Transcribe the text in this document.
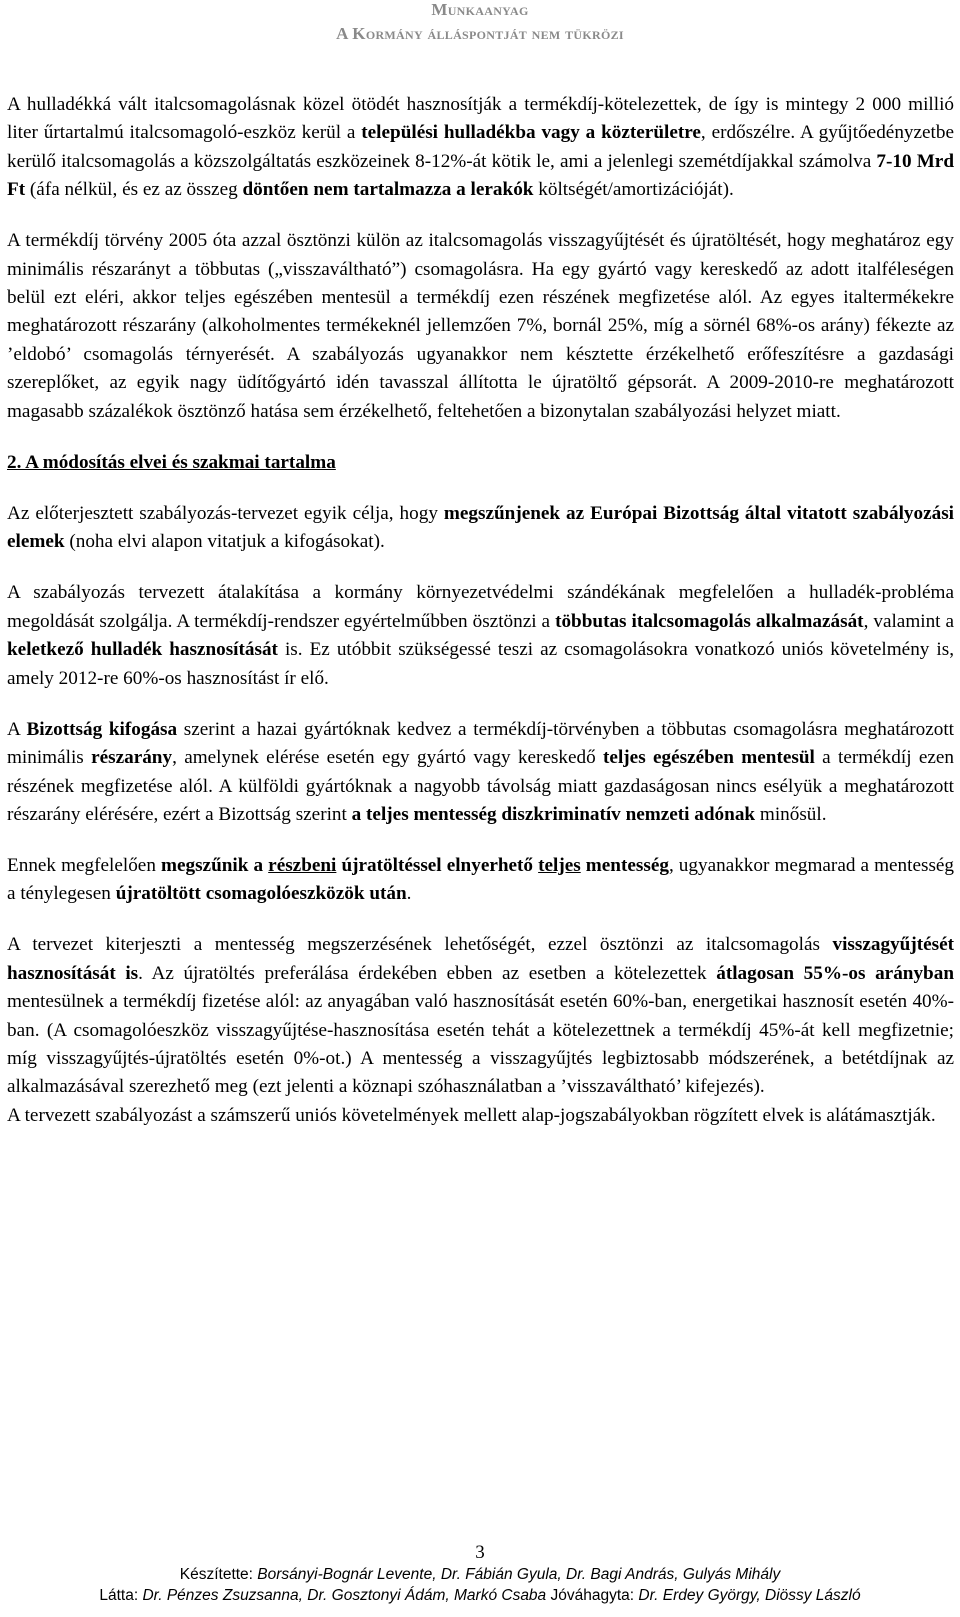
Munkaanyag
A Kormány álláspontját nem tükrözi

A hulladékká vált italcsomagolásnak közel ötödét hasznosítják a termékdíj-kötelezettek, de így is mintegy 2 000 millió liter űrtartalmú italcsomagoló-eszköz kerül a települési hulladékba vagy a közterületre, erdőszélre. A gyűjtőedényzetbe kerülő italcsomagolás a közszolgáltatás eszközeinek 8-12%-át kötik le, ami a jelenlegi szemétdíjakkal számolva 7-10 Mrd Ft (áfa nélkül, és ez az összeg döntően nem tartalmazza a lerakók költségét/amortizációját).

A termékdíj törvény 2005 óta azzal ösztönzi külön az italcsomagolás visszagyűjtését és újratöltését, hogy meghatároz egy minimális részarányt a többutas („visszaváltható”) csomagolásra. Ha egy gyártó vagy kereskedő az adott italféleségen belül ezt eléri, akkor teljes egészében mentesül a termékdíj ezen részének megfizetése alól. Az egyes italtermékekre meghatározott részarány (alkoholmentes termékeknél jellemzően 7%, bornál 25%, míg a sörnél 68%-os arány) fékezte az ’eldobó’ csomagolás térnyerését. A szabályozás ugyanakkor nem késztette érzékelhető erőfeszítésre a gazdasági szereplőket, az egyik nagy üdítőgyártó idén tavasszal állította le újratöltő gépsorát. A 2009-2010-re meghatározott magasabb százalékok ösztönző hatása sem érzékelhető, feltehetően a bizonytalan szabályozási helyzet miatt.

2. A módosítás elvei és szakmai tartalma

Az előterjesztett szabályozás-tervezet egyik célja, hogy megszűnjenek az Európai Bizottság által vitatott szabályozási elemek (noha elvi alapon vitatjuk a kifogásokat).

A szabályozás tervezett átalakítása a kormány környezetvédelmi szándékának megfelelően a hulladék-probléma megoldását szolgálja. A termékdíj-rendszer egyértelműbben ösztönzi a többutas italcsomagolás alkalmazását, valamint a keletkező hulladék hasznosítását is. Ez utóbbit szükségessé teszi az csomagolásokra vonatkozó uniós követelmény is, amely 2012-re 60%-os hasznosítást ír elő.

A Bizottság kifogása szerint a hazai gyártóknak kedvez a termékdíj-törvényben a többutas csomagolásra meghatározott minimális részarány, amelynek elérése esetén egy gyártó vagy kereskedő teljes egészében mentesül a termékdíj ezen részének megfizetése alól. A külföldi gyártóknak a nagyobb távolság miatt gazdaságosan nincs esélyük a meghatározott részarány elérésére, ezért a Bizottság szerint a teljes mentesség diszkriminatív nemzeti adónak minősül.

Ennek megfelelően megszűnik a részbeni újratöltéssel elnyerhető teljes mentesség, ugyanakkor megmarad a mentesség a ténylegesen újratöltött csomagolóeszközök után.

A tervezet kiterjeszti a mentesség megszerzésének lehetőségét, ezzel ösztönzi az italcsomagolás visszagyűjtését hasznosítását is. Az újratöltés preferálása érdekében ebben az esetben a kötelezettek átlagosan 55%-os arányban mentesülnek a termékdíj fizetése alól: az anyagában való hasznosítását esetén 60%-ban, energetikai hasznosít esetén 40%-ban. (A csomagolóeszköz visszagyűjtése-hasznosítása esetén tehát a kötelezettnek a termékdíj 45%-át kell megfizetnie; míg visszagyűjtés-újratöltés esetén 0%-ot.) A mentesség a visszagyűjtés legbiztosabb módszerének, a betétdíjnak az alkalmazásával szerezhető meg (ezt jelenti a köznapi szóhasználatban a ’visszaváltható’ kifejezés).

A tervezett szabályozást a számszerű uniós követelmények mellett alap-jogszabályokban rögzített elvek is alátámasztják.

3
Készítette: Borsányi-Bognár Levente, Dr. Fábián Gyula, Dr. Bagi András, Gulyás Mihály
Látta: Dr. Pénzes Zsuzsanna, Dr. Gosztonyi Ádám, Markó Csaba Jóváhagyta: Dr. Erdey György, Diössy László
